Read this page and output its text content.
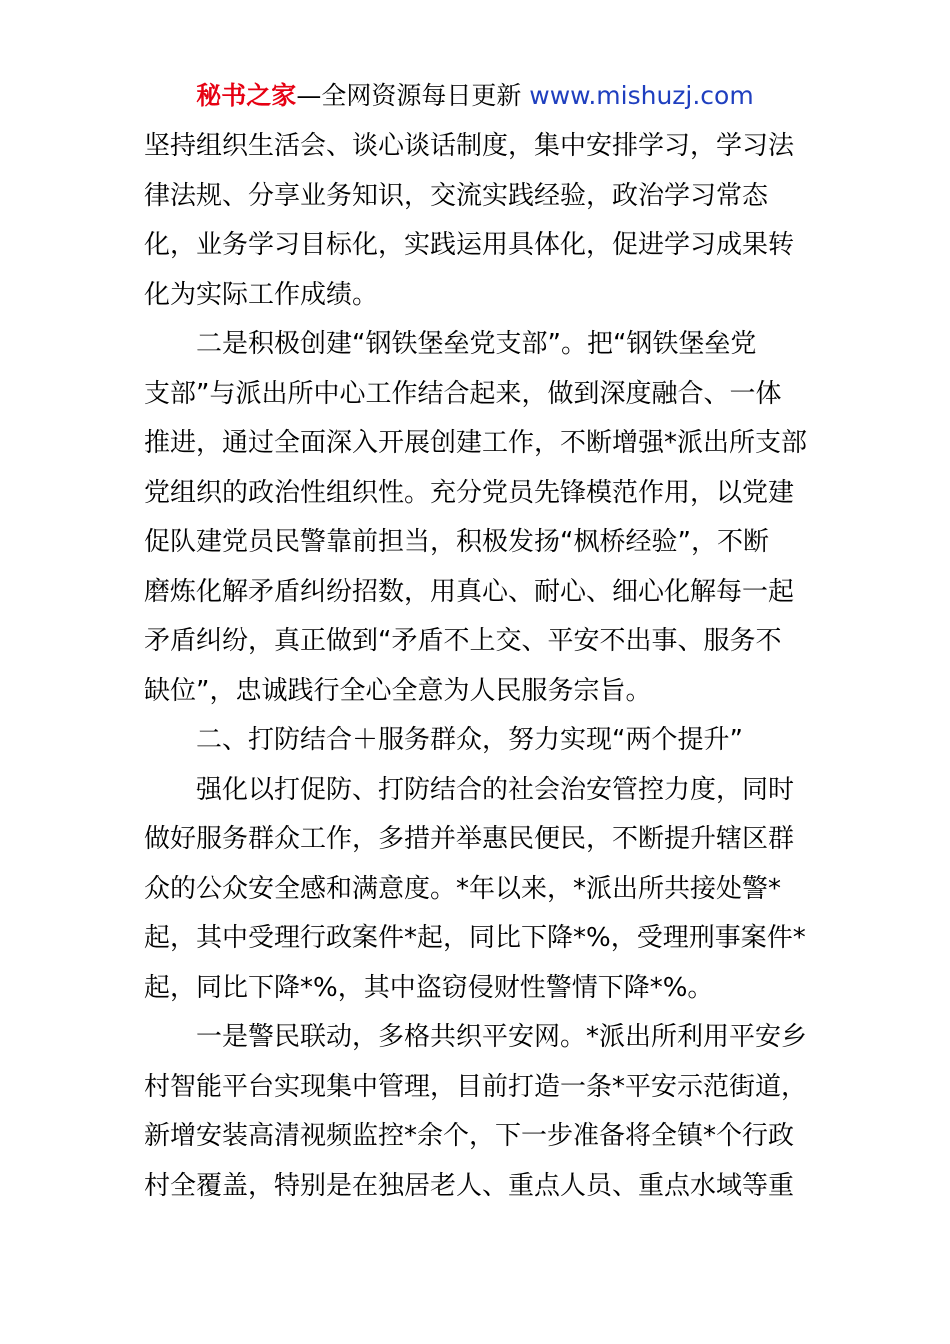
秘书之家—全网资源每日更新 www.mishuzj.com
坚持组织生活会、谈心谈话制度，集中安排学习，学习法
律法规、分享业务知识，交流实践经验，政治学习常态
化，业务学习目标化，实践运用具体化，促进学习成果转
化为实际工作成绩。
二是积极创建“钢铁堡垒党支部”。把“钢铁堡垒党
支部”与派出所中心工作结合起来，做到深度融合、一体
推进，通过全面深入开展创建工作，不断增强*派出所支部
党组织的政治性组织性。充分党员先锋模范作用，以党建
促队建党员民警靠前担当，积极发扬“枫桥经验”，不断
磨炼化解矛盾纠纷招数，用真心、耐心、细心化解每一起
矛盾纠纷，真正做到“矛盾不上交、平安不出事、服务不
缺位”，忠诚践行全心全意为人民服务宗旨。
二、打防结合＋服务群众，努力实现“两个提升”
强化以打促防、打防结合的社会治安管控力度，同时
做好服务群众工作，多措并举惠民便民，不断提升辖区群
众的公众安全感和满意度。*年以来，*派出所共接处警*
起，其中受理行政案件*起，同比下降*%，受理刑事案件*
起，同比下降*%，其中盗窃侵财性警情下降*%。
一是警民联动，多格共织平安网。*派出所利用平安乡
村智能平台实现集中管理，目前打造一条*平安示范街道，
新增安装高清视频监控*余个，下一步准备将全镇*个行政
村全覆盖，特别是在独居老人、重点人员、重点水域等重
